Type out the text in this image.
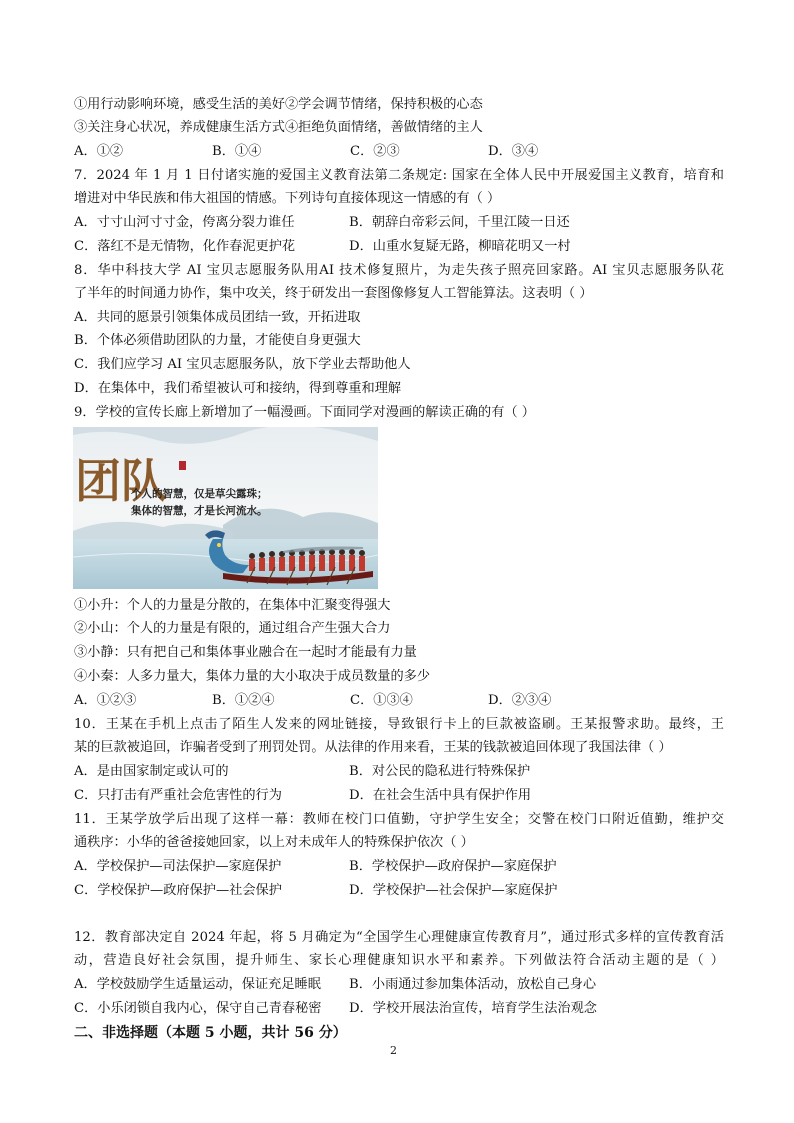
①用行动影响环境，感受生活的美好②学会调节情绪，保持积极的心态
③关注身心状况，养成健康生活方式④拒绝负面情绪，善做情绪的主人
A．①②	B．①④	C．②③	D．③④
7．2024 年 1 月 1 日付诸实施的爱国主义教育法第二条规定: 国家在全体人民中开展爱国主义教育，培育和
增进对中华民族和伟大祖国的情感。下列诗句直接体现这一情感的有（ ）
A．寸寸山河寸寸金，侉离分裂力谁任	B．朝辞白帝彩云间，千里江陵一日还
C．落红不是无情物，化作春泥更护花	D．山重水复疑无路，柳暗花明又一村
8．华中科技大学 AI 宝贝志愿服务队用AI 技术修复照片，为走失孩子照亮回家路。AI 宝贝志愿服务队花
了半年的时间通力协作，集中攻关，终于研发出一套图像修复人工智能算法。这表明（ ）
A．共同的愿景引领集体成员团结一致，开拓进取
B．个体必须借助团队的力量，才能使自身更强大
C．我们应学习 AI 宝贝志愿服务队，放下学业去帮助他人
D．在集体中，我们希望被认可和接纳，得到尊重和理解
9．学校的宣传长廊上新增加了一幅漫画。下面同学对漫画的解读正确的有（ ）
团队
个人的智慧，仅是草尖露珠；
集体的智慧，才是长河流水。
①小升：个人的力量是分散的，在集体中汇聚变得强大
②小山：个人的力量是有限的，通过组合产生强大合力
③小静：只有把自己和集体事业融合在一起时才能最有力量
④小秦：人多力量大，集体力量的大小取决于成员数量的多少
A．①②③	B．①②④	C．①③④	D．②③④
10．王某在手机上点击了陌生人发来的网址链接，导致银行卡上的巨款被盗刷。王某报警求助。最终，王
某的巨款被追回，诈骗者受到了刑罚处罚。从法律的作用来看，王某的钱款被追回体现了我国法律（ ）
A．是由国家制定或认可的	B．对公民的隐私进行特殊保护
C．只打击有严重社会危害性的行为	D．在社会生活中具有保护作用
11．王某学放学后出现了这样一幕：教师在校门口值勤，守护学生安全；交警在校门口附近值勤，维护交
通秩序：小华的爸爸接她回家，以上对未成年人的特殊保护依次（ ）
A．学校保护—司法保护—家庭保护	B．学校保护—政府保护—家庭保护
C．学校保护—政府保护—社会保护	D．学校保护—社会保护—家庭保护
12．教育部决定自 2024 年起，将 5 月确定为“全国学生心理健康宣传教育月”，通过形式多样的宣传教育活
动，营造良好社会氛围，提升师生、家长心理健康知识水平和素养。下列做法符合活动主题的是（ ）
A．学校鼓励学生适量运动，保证充足睡眠 B．小雨通过参加集体活动，放松自己身心
C．小乐闭锁自我内心，保守自己青春秘密 D．学校开展法治宣传，培育学生法治观念
二、非选择题（本题 5 小题，共计 56 分）
2
